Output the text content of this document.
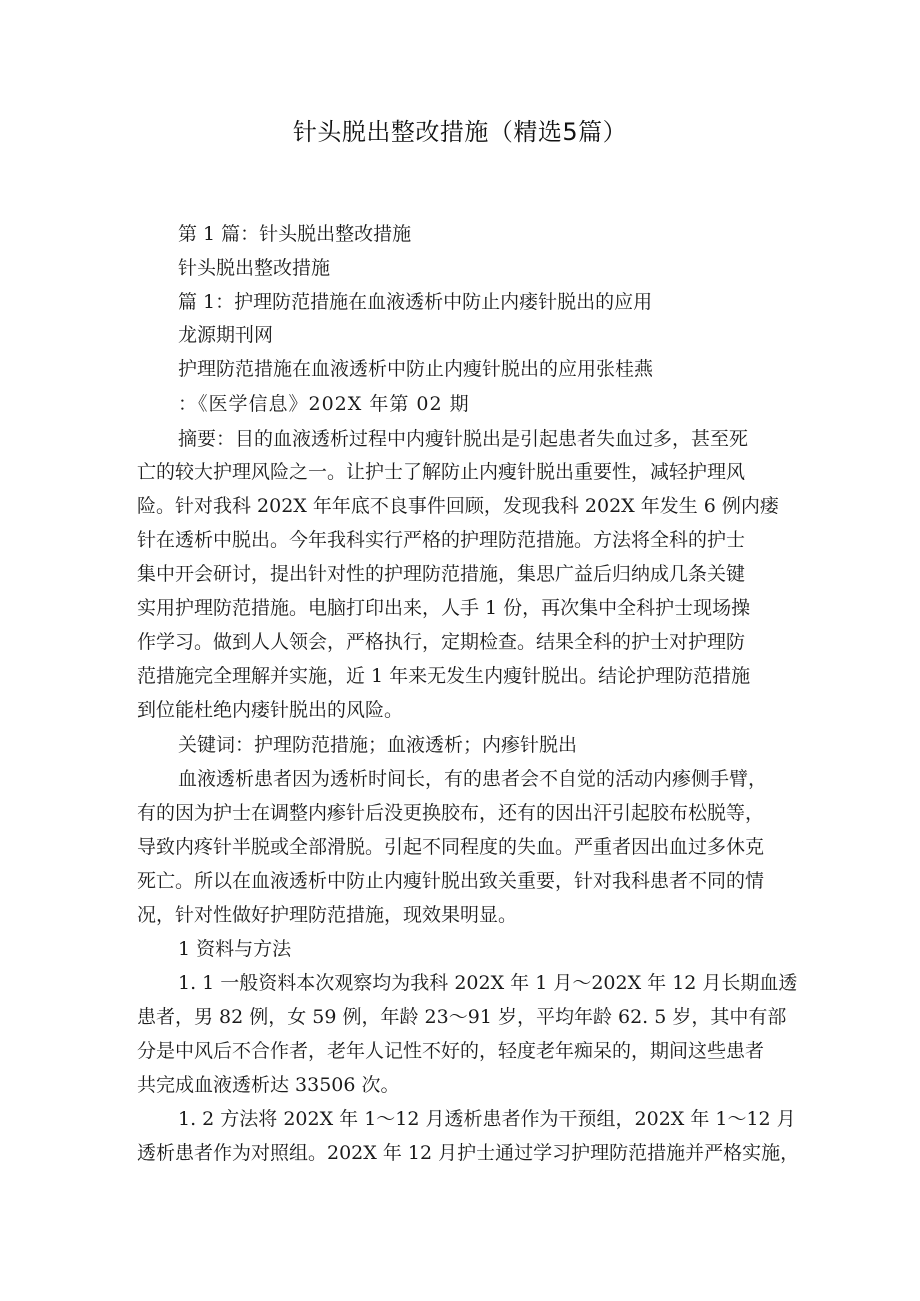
针头脱出整改措施（精选5篇）
第 1 篇：针头脱出整改措施
针头脱出整改措施
篇 1：护理防范措施在血液透析中防止内瘘针脱出的应用
龙源期刊网
护理防范措施在血液透析中防止内瘦针脱出的应用张桂燕
：《医学信息》202X 年第 02 期
摘要：目的血液透析过程中内瘦针脱出是引起患者失血过多，甚至死
亡的较大护理风险之一。让护士了解防止内瘦针脱出重要性，减轻护理风
险。针对我科 202X 年年底不良事件回顾，发现我科 202X 年发生 6 例内瘘
针在透析中脱出。今年我科实行严格的护理防范措施。方法将全科的护士
集中开会研讨，提出针对性的护理防范措施，集思广益后归纳成几条关键
实用护理防范措施。电脑打印出来，人手 1 份，再次集中全科护士现场操
作学习。做到人人领会，严格执行，定期检查。结果全科的护士对护理防
范措施完全理解并实施，近 1 年来无发生内瘦针脱出。结论护理防范措施
到位能杜绝内瘘针脱出的风险。
关键词：护理防范措施；血液透析；内瘆针脱出
血液透析患者因为透析时间长，有的患者会不自觉的活动内瘆侧手臂，
有的因为护士在调整内瘆针后没更换胶布，还有的因出汗引起胶布松脱等，
导致内疼针半脱或全部滑脱。引起不同程度的失血。严重者因出血过多休克
死亡。所以在血液透析中防止内瘦针脱出致关重要，针对我科患者不同的情
况，针对性做好护理防范措施，现效果明显。
1 资料与方法
1. 1 一般资料本次观察均为我科 202X 年 1 月～202X 年 12 月长期血透
患者，男 82 例，女 59 例，年龄 23～91 岁，平均年龄 62. 5 岁，其中有部
分是中风后不合作者，老年人记性不好的，轻度老年痴呆的，期间这些患者
共完成血液透析达 33506 次。
1. 2 方法将 202X 年 1～12 月透析患者作为干预组，202X 年 1～12 月
透析患者作为对照组。202X 年 12 月护士通过学习护理防范措施并严格实施，
